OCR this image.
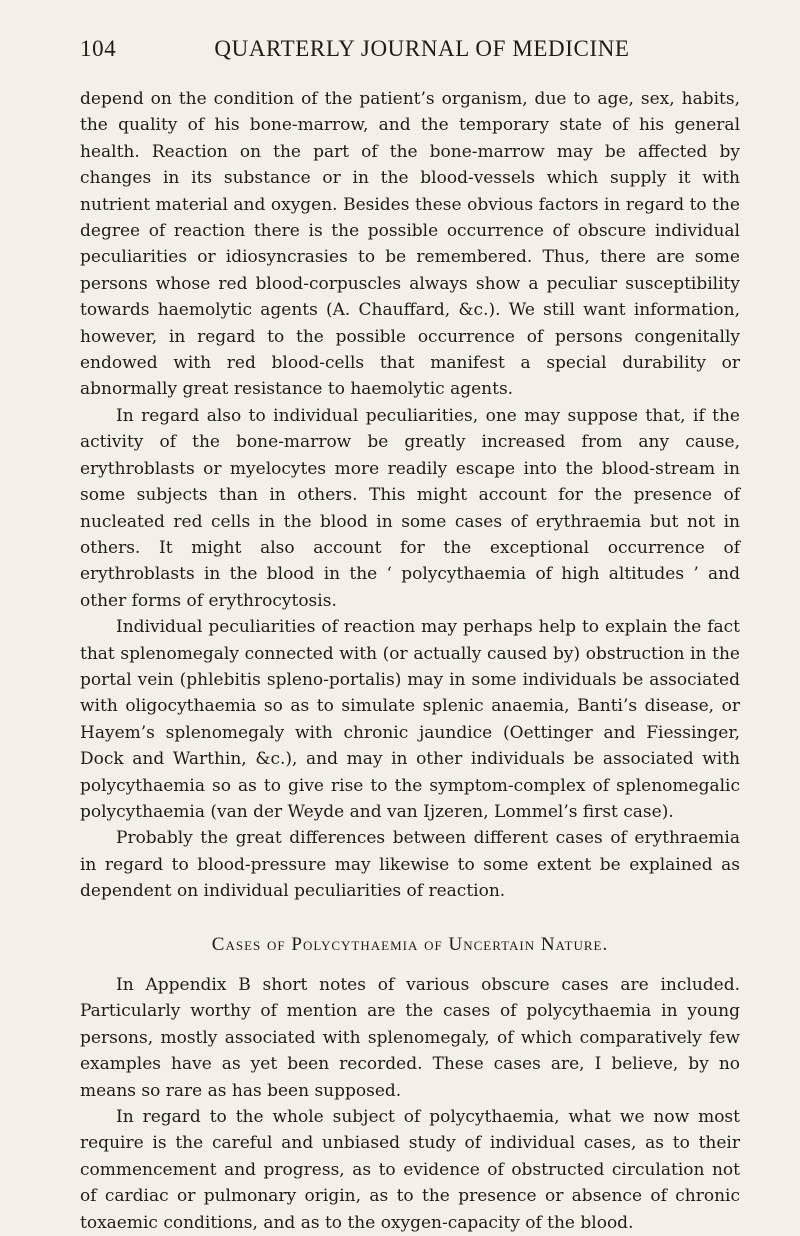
104	QUARTERLY JOURNAL OF MEDICINE

depend on the condition of the patient’s organism, due to age, sex, habits, the quality of his bone-marrow, and the temporary state of his general health. Reaction on the part of the bone-marrow may be affected by changes in its substance or in the blood-vessels which supply it with nutrient material and oxygen. Besides these obvious factors in regard to the degree of reaction there is the possible occurrence of obscure individual peculiarities or idiosyncrasies to be remembered. Thus, there are some persons whose red blood-corpuscles always show a peculiar susceptibility towards haemolytic agents (A. Chauffard, &c.). We still want information, however, in regard to the possible occurrence of persons congenitally endowed with red blood-cells that manifest a special durability or abnormally great resistance to haemolytic agents.

In regard also to individual peculiarities, one may suppose that, if the activity of the bone-marrow be greatly increased from any cause, erythroblasts or myelocytes more readily escape into the blood-stream in some subjects than in others. This might account for the presence of nucleated red cells in the blood in some cases of erythraemia but not in others. It might also account for the exceptional occurrence of erythroblasts in the blood in the ‘ polycythaemia of high altitudes ’ and other forms of erythrocytosis.

Individual peculiarities of reaction may perhaps help to explain the fact that splenomegaly connected with (or actually caused by) obstruction in the portal vein (phlebitis spleno-portalis) may in some individuals be associated with oligocythaemia so as to simulate splenic anaemia, Banti’s disease, or Hayem’s splenomegaly with chronic jaundice (Oettinger and Fiessinger, Dock and Warthin, &c.), and may in other individuals be associated with polycythaemia so as to give rise to the symptom-complex of splenomegalic polycythaemia (van der Weyde and van Ijzeren, Lommel’s first case).

Probably the great differences between different cases of erythraemia in regard to blood-pressure may likewise to some extent be explained as dependent on individual peculiarities of reaction.

Cases of Polycythaemia of Uncertain Nature.

In Appendix B short notes of various obscure cases are included. Particularly worthy of mention are the cases of polycythaemia in young persons, mostly associated with splenomegaly, of which comparatively few examples have as yet been recorded. These cases are, I believe, by no means so rare as has been supposed.

In regard to the whole subject of polycythaemia, what we now most require is the careful and unbiased study of individual cases, as to their commencement and progress, as to evidence of obstructed circulation not of cardiac or pulmonary origin, as to the presence or absence of chronic toxaemic conditions, and as to the oxygen-capacity of the blood.
